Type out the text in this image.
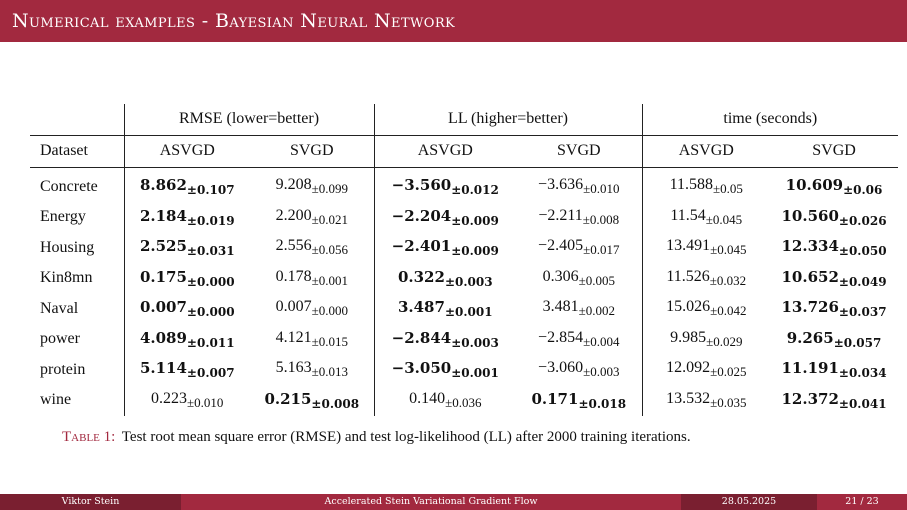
Numerical examples - Bayesian Neural Network
	RMSE (lower=better)		LL (higher=better)		time (seconds)	
Dataset	ASVGD	SVGD	ASVGD	SVGD	ASVGD	SVGD
Concrete	$8.862_{\pm 0.107}$	$9.208_{\pm 0.099}$	$-3.560_{\pm 0.012}$	$-3.636_{\pm 0.010}$	$11.588_{\pm 0.05}$	$10.609_{\pm 0.06}$
Energy	$2.184_{\pm 0.019}$	$2.200_{\pm 0.021}$	$-2.204_{\pm 0.009}$	$-2.211_{\pm 0.008}$	$11.54_{\pm 0.045}$	$10.560_{\pm 0.026}$
Housing	$2.525_{\pm 0.031}$	$2.556_{\pm 0.056}$	$-2.401_{\pm 0.009}$	$-2.405_{\pm 0.017}$	$13.491_{\pm 0.045}$	$12.334_{\pm 0.050}$
Kin8mn	$0.175_{\pm 0.000}$	$0.178_{\pm 0.001}$	$0.322_{\pm 0.003}$	$0.306_{\pm 0.005}$	$11.526_{\pm 0.032}$	$10.652_{\pm 0.049}$
Naval	$0.007_{\pm 0.000}$	$0.007_{\pm 0.000}$	$3.487_{\pm 0.001}$	$3.481_{\pm 0.002}$	$15.026_{\pm 0.042}$	$13.726_{\pm 0.037}$
power	$4.089_{\pm 0.011}$	$4.121_{\pm 0.015}$	$-2.844_{\pm 0.003}$	$-2.854_{\pm 0.004}$	$9.985_{\pm 0.029}$	$9.265_{\pm 0.057}$
protein	$5.114_{\pm 0.007}$	$5.163_{\pm 0.013}$	$-3.050_{\pm 0.001}$	$-3.060_{\pm 0.003}$	$12.092_{\pm 0.025}$	$11.191_{\pm 0.034}$
wine	$0.223_{\pm 0.010}$	$0.215_{\pm 0.008}$	$0.140_{\pm 0.036}$	$0.171_{\pm 0.018}$	$13.532_{\pm 0.035}$	$12.372_{\pm 0.041}$
Table 1: Test root mean square error (RMSE) and test log-likelihood (LL) after 2000 training iterations.
Viktor Stein	Accelerated Stein Variational Gradient Flow	28.05.2025	21 / 23
